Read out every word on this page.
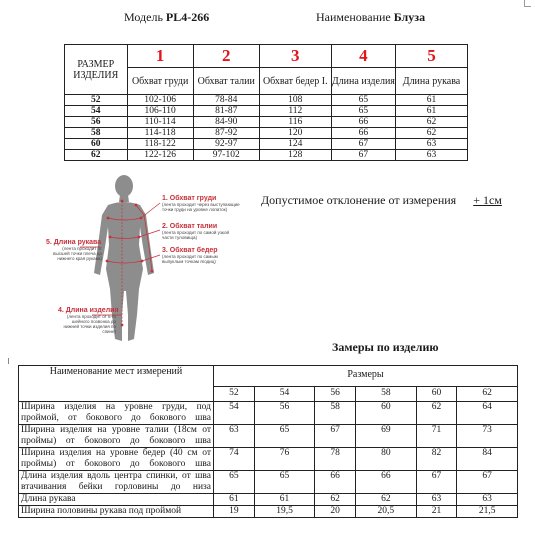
Модель PL4-266	Наименование Блуза
РАЗМЕР ИЗДЕЛИЯ	1	2	3	4	5
	Обхват груди	Обхват талии	Обхват бедер I.	Длина изделия	Длина рукава
52	102-106	78-84	108	65	61
54	106-110	81-87	112	65	61
56	110-114	84-90	116	66	62
58	114-118	87-92	120	66	62
60	118-122	92-97	124	67	63
62	122-126	97-102	128	67	63
1. Обхват груди
(лента проходит через выступающие точки груди на уровне лопаток)
2. Обхват талии
(лента проходит по самой узкой части туловища)
3. Обхват бедер
(лента проходит по самым выпуклым точкам ягодиц)
5. Длина рукава
(лента проходит от высшей точки плеча до нижнего края рукава)
4. Длина изделия
(лента проходит от 6-го шейного позвонка до нижней точки изделия по спине)
Допустимое отклонение от измерения + 1см
Замеры по изделию
Наименование мест измерений	Размеры					
	52	54	56	58	60	62
Ширина изделия на уровне груди, под проймой, от бокового до бокового шва	54	56	58	60	62	64
Ширина изделия на уровне талии (18см от проймы) от бокового до бокового шва	63	65	67	69	71	73
Ширина изделия на уровне бедер (40 см от проймы) от бокового до бокового шва	74	76	78	80	82	84
Длина изделия вдоль центра спинки, от шва втачивания бейки горловины до низа	65	65	66	66	67	67
Длина рукава	61	61	62	62	63	63
Ширина половины рукава под проймой	19	19,5	20	20,5	21	21,5
